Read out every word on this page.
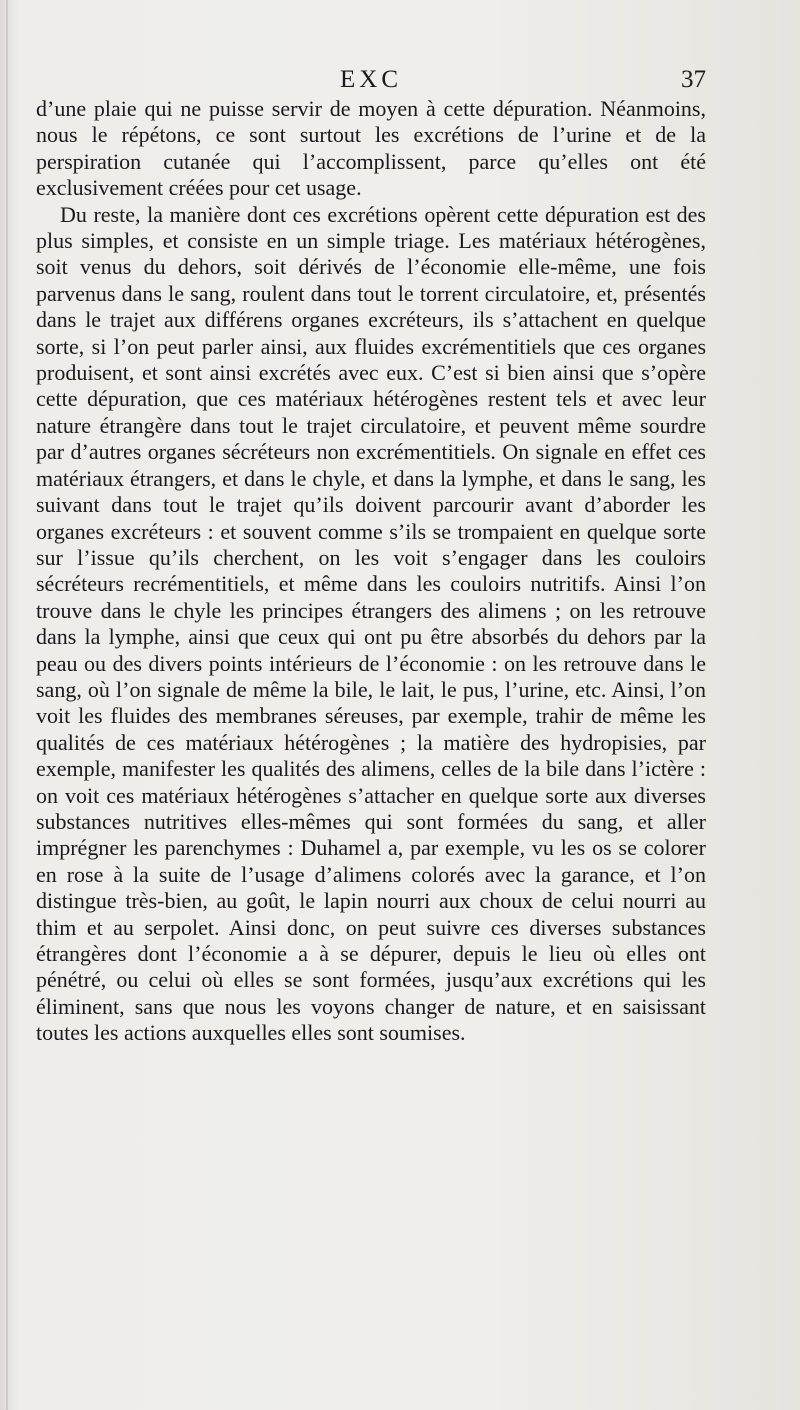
EXC	37

d’une plaie qui ne puisse servir de moyen à cette dépuration. Néanmoins, nous le répétons, ce sont surtout les excrétions de l’urine et de la perspiration cutanée qui l’accomplissent, parce qu’elles ont été exclusivement créées pour cet usage.

Du reste, la manière dont ces excrétions opèrent cette dépuration est des plus simples, et consiste en un simple triage. Les matériaux hétérogènes, soit venus du dehors, soit dérivés de l’économie elle-même, une fois parvenus dans le sang, roulent dans tout le torrent circulatoire, et, présentés dans le trajet aux différens organes excréteurs, ils s’attachent en quelque sorte, si l’on peut parler ainsi, aux fluides excrémentitiels que ces organes produisent, et sont ainsi excrétés avec eux. C’est si bien ainsi que s’opère cette dépuration, que ces matériaux hétérogènes restent tels et avec leur nature étrangère dans tout le trajet circulatoire, et peuvent même sourdre par d’autres organes sécréteurs non excrémentitiels. On signale en effet ces matériaux étrangers, et dans le chyle, et dans la lymphe, et dans le sang, les suivant dans tout le trajet qu’ils doivent parcourir avant d’aborder les organes excréteurs : et souvent comme s’ils se trompaient en quelque sorte sur l’issue qu’ils cherchent, on les voit s’engager dans les couloirs sécréteurs recrémentitiels, et même dans les couloirs nutritifs. Ainsi l’on trouve dans le chyle les principes étrangers des alimens ; on les retrouve dans la lymphe, ainsi que ceux qui ont pu être absorbés du dehors par la peau ou des divers points intérieurs de l’économie : on les retrouve dans le sang, où l’on signale de même la bile, le lait, le pus, l’urine, etc. Ainsi, l’on voit les fluides des membranes séreuses, par exemple, trahir de même les qualités de ces matériaux hétérogènes ; la matière des hydropisies, par exemple, manifester les qualités des alimens, celles de la bile dans l’ictère : on voit ces matériaux hétérogènes s’attacher en quelque sorte aux diverses substances nutritives elles-mêmes qui sont formées du sang, et aller imprégner les parenchymes : Duhamel a, par exemple, vu les os se colorer en rose à la suite de l’usage d’alimens colorés avec la garance, et l’on distingue très-bien, au goût, le lapin nourri aux choux de celui nourri au thim et au serpolet. Ainsi donc, on peut suivre ces diverses substances étrangères dont l’économie a à se dépurer, depuis le lieu où elles ont pénétré, ou celui où elles se sont formées, jusqu’aux excrétions qui les éliminent, sans que nous les voyons changer de nature, et en saisissant toutes les actions auxquelles elles sont soumises.
